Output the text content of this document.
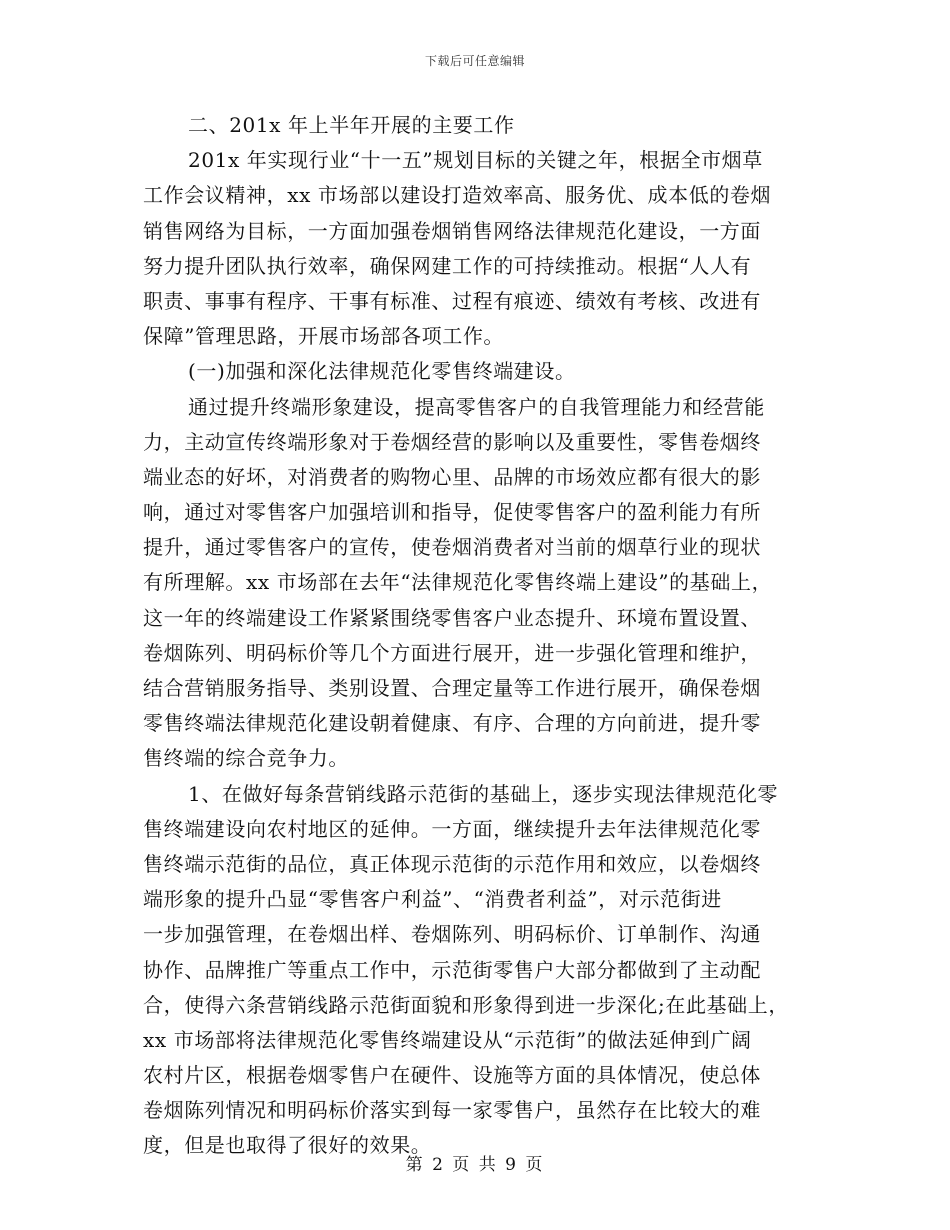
下载后可任意编辑
二、201x 年上半年开展的主要工作
201x 年实现行业“十一五”规划目标的关键之年，根据全市烟草
工作会议精神，xx 市场部以建设打造效率高、服务优、成本低的卷烟
销售网络为目标，一方面加强卷烟销售网络法律规范化建设，一方面
努力提升团队执行效率，确保网建工作的可持续推动。根据“人人有
职责、事事有程序、干事有标准、过程有痕迹、绩效有考核、改进有
保障”管理思路，开展市场部各项工作。
(一)加强和深化法律规范化零售终端建设。
通过提升终端形象建设，提高零售客户的自我管理能力和经营能
力，主动宣传终端形象对于卷烟经营的影响以及重要性，零售卷烟终
端业态的好坏，对消费者的购物心里、品牌的市场效应都有很大的影
响，通过对零售客户加强培训和指导，促使零售客户的盈利能力有所
提升，通过零售客户的宣传，使卷烟消费者对当前的烟草行业的现状
有所理解。xx 市场部在去年“法律规范化零售终端上建设”的基础上，
这一年的终端建设工作紧紧围绕零售客户业态提升、环境布置设置、
卷烟陈列、明码标价等几个方面进行展开，进一步强化管理和维护，
结合营销服务指导、类别设置、合理定量等工作进行展开，确保卷烟
零售终端法律规范化建设朝着健康、有序、合理的方向前进，提升零
售终端的综合竞争力。
1、在做好每条营销线路示范街的基础上，逐步实现法律规范化零
售终端建设向农村地区的延伸。一方面，继续提升去年法律规范化零
售终端示范街的品位，真正体现示范街的示范作用和效应，以卷烟终
端形象的提升凸显“零售客户利益”、“消费者利益”，对示范街进
一步加强管理，在卷烟出样、卷烟陈列、明码标价、订单制作、沟通
协作、品牌推广等重点工作中，示范街零售户大部分都做到了主动配
合，使得六条营销线路示范街面貌和形象得到进一步深化;在此基础上，
xx 市场部将法律规范化零售终端建设从“示范街”的做法延伸到广阔
农村片区，根据卷烟零售户在硬件、设施等方面的具体情况，使总体
卷烟陈列情况和明码标价落实到每一家零售户，虽然存在比较大的难
度，但是也取得了很好的效果。
第 2 页 共 9 页
